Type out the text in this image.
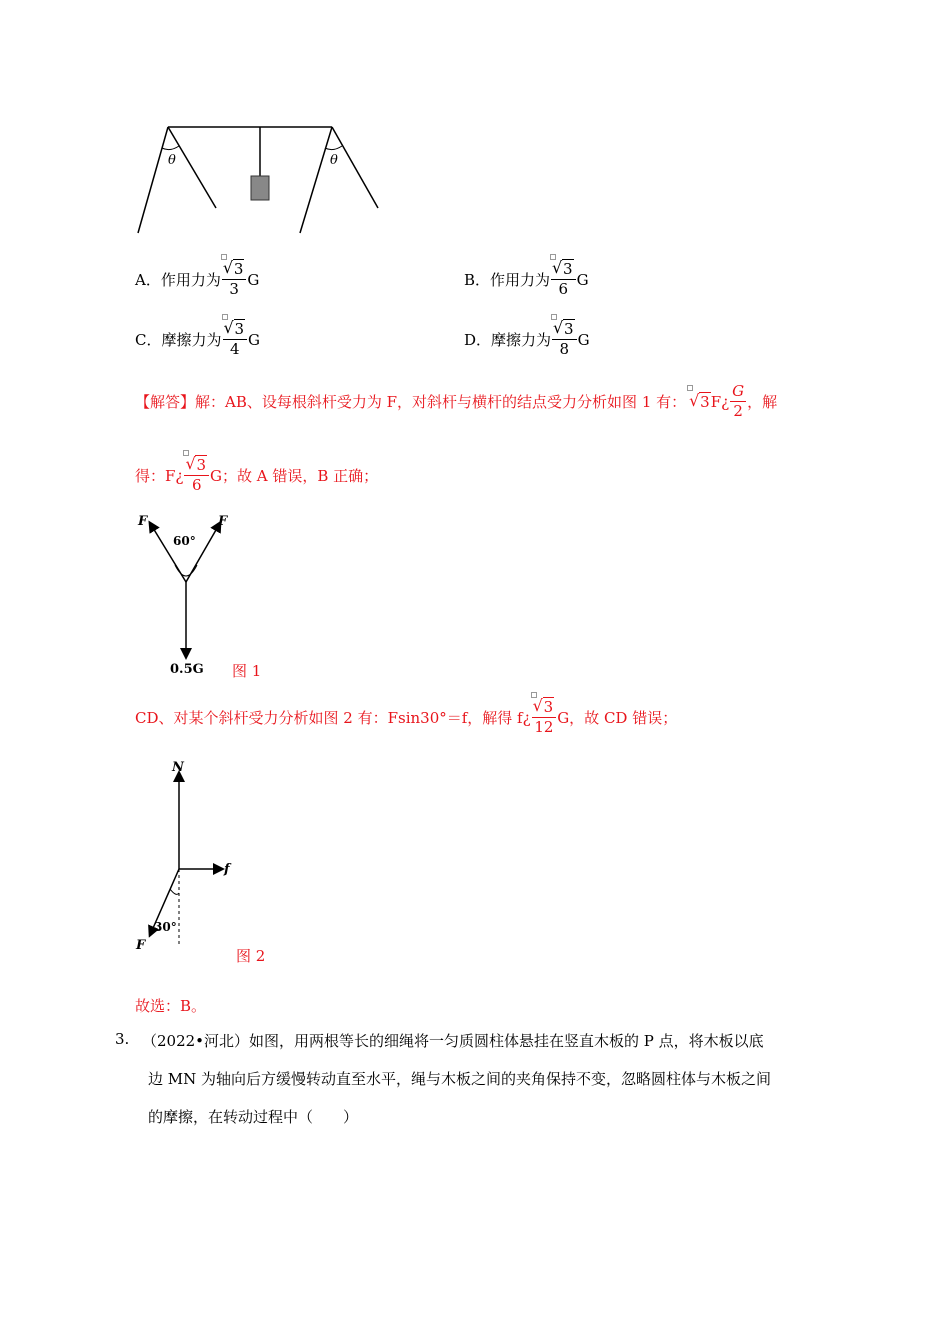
θ	θ
A． 作用力为 √ $\frac{3}{3}$ G	B． 作用力为 √ $\frac{3}{6}$ G
C． 摩擦力为 √ $\frac{3}{4}$ G	D． 摩擦力为 √ $\frac{3}{8}$ G
【解答】 解：AB、设每根斜杆受力为 F，对斜杆与横杆的结点受力分析如图 1 有： √ 3 F¿ $\frac{G}{2}$ ，解
得：F¿ √ $\frac{3}{6}$ G；故 A 错误，B 正确；
F	F
60°
0.5G 图 1
CD、对某个斜杆受力分析如图 2 有：Fsin30°＝f，解得 f¿ √ $\frac{3}{12}$ G，故 CD 错误；
N
f
F
30°
图 2
故选：B。
3. （2022•河北）如图，用两根等长的细绳将一匀质圆柱体悬挂在竖直木板的 P 点，将木板以底
边 MN 为轴向后方缓慢转动直至水平，绳与木板之间的夹角保持不变，忽略圆柱体与木板之间
的摩擦，在转动过程中（　　）
